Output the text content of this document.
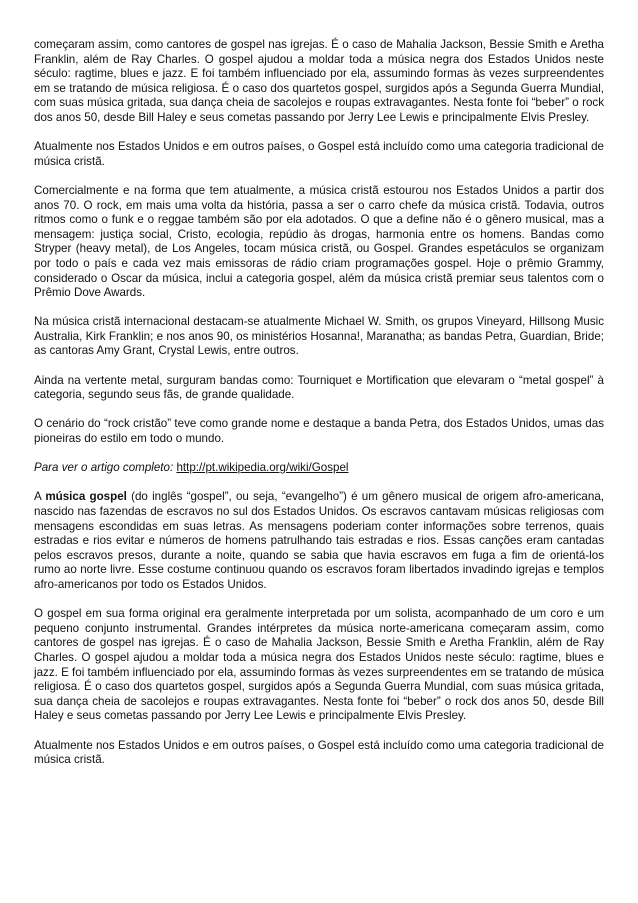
começaram assim, como cantores de gospel nas igrejas. É o caso de Mahalia Jackson, Bessie Smith e Aretha Franklin, além de Ray Charles. O gospel ajudou a moldar toda a música negra dos Estados Unidos neste século: ragtime, blues e jazz. E foi também influenciado por ela, assumindo formas às vezes surpreendentes em se tratando de música religiosa. É o caso dos quartetos gospel, surgidos após a Segunda Guerra Mundial, com suas música gritada, sua dança cheia de sacolejos e roupas extravagantes. Nesta fonte foi “beber” o rock dos anos 50, desde Bill Haley e seus cometas passando por Jerry Lee Lewis e principalmente Elvis Presley.

Atualmente nos Estados Unidos e em outros países, o Gospel está incluído como uma categoria tradicional de música cristã.

Comercialmente e na forma que tem atualmente, a música cristã estourou nos Estados Unidos a partir dos anos 70. O rock, em mais uma volta da história, passa a ser o carro chefe da música cristã. Todavia, outros ritmos como o funk e o reggae também são por ela adotados. O que a define não é o gênero musical, mas a mensagem: justiça social, Cristo, ecologia, repúdio às drogas, harmonia entre os homens. Bandas como Stryper (heavy metal), de Los Angeles, tocam música cristã, ou Gospel. Grandes espetáculos se organizam por todo o país e cada vez mais emissoras de rádio criam programações gospel. Hoje o prêmio Grammy, considerado o Oscar da música, inclui a categoria gospel, além da música cristã premiar seus talentos com o Prêmio Dove Awards.

Na música cristã internacional destacam-se atualmente Michael W. Smith, os grupos Vineyard, Hillsong Music Australia, Kirk Franklin; e nos anos 90, os ministérios Hosanna!, Maranatha; as bandas Petra, Guardian, Bride; as cantoras Amy Grant, Crystal Lewis, entre outros.

Ainda na vertente metal, surguram bandas como: Tourniquet e Mortification que elevaram o “metal gospel” à categoria, segundo seus fãs, de grande qualidade.

O cenário do “rock cristão” teve como grande nome e destaque a banda Petra, dos Estados Unidos, umas das pioneiras do estilo em todo o mundo.

Para ver o artigo completo: http://pt.wikipedia.org/wiki/Gospel

A música gospel (do inglês “gospel”, ou seja, “evangelho”) é um gênero musical de origem afro-americana, nascido nas fazendas de escravos no sul dos Estados Unidos. Os escravos cantavam músicas religiosas com mensagens escondidas em suas letras. As mensagens poderiam conter informações sobre terrenos, quais estradas e rios evitar e números de homens patrulhando tais estradas e rios. Essas canções eram cantadas pelos escravos presos, durante a noite, quando se sabia que havia escravos em fuga a fim de orientá-los rumo ao norte livre. Esse costume continuou quando os escravos foram libertados invadindo igrejas e templos afro-americanos por todo os Estados Unidos.

O gospel em sua forma original era geralmente interpretada por um solista, acompanhado de um coro e um pequeno conjunto instrumental. Grandes intérpretes da música norte-americana começaram assim, como cantores de gospel nas igrejas. É o caso de Mahalia Jackson, Bessie Smith e Aretha Franklin, além de Ray Charles. O gospel ajudou a moldar toda a música negra dos Estados Unidos neste século: ragtime, blues e jazz. E foi também influenciado por ela, assumindo formas às vezes surpreendentes em se tratando de música religiosa. É o caso dos quartetos gospel, surgidos após a Segunda Guerra Mundial, com suas música gritada, sua dança cheia de sacolejos e roupas extravagantes. Nesta fonte foi “beber” o rock dos anos 50, desde Bill Haley e seus cometas passando por Jerry Lee Lewis e principalmente Elvis Presley.

Atualmente nos Estados Unidos e em outros países, o Gospel está incluído como uma categoria tradicional de música cristã.
